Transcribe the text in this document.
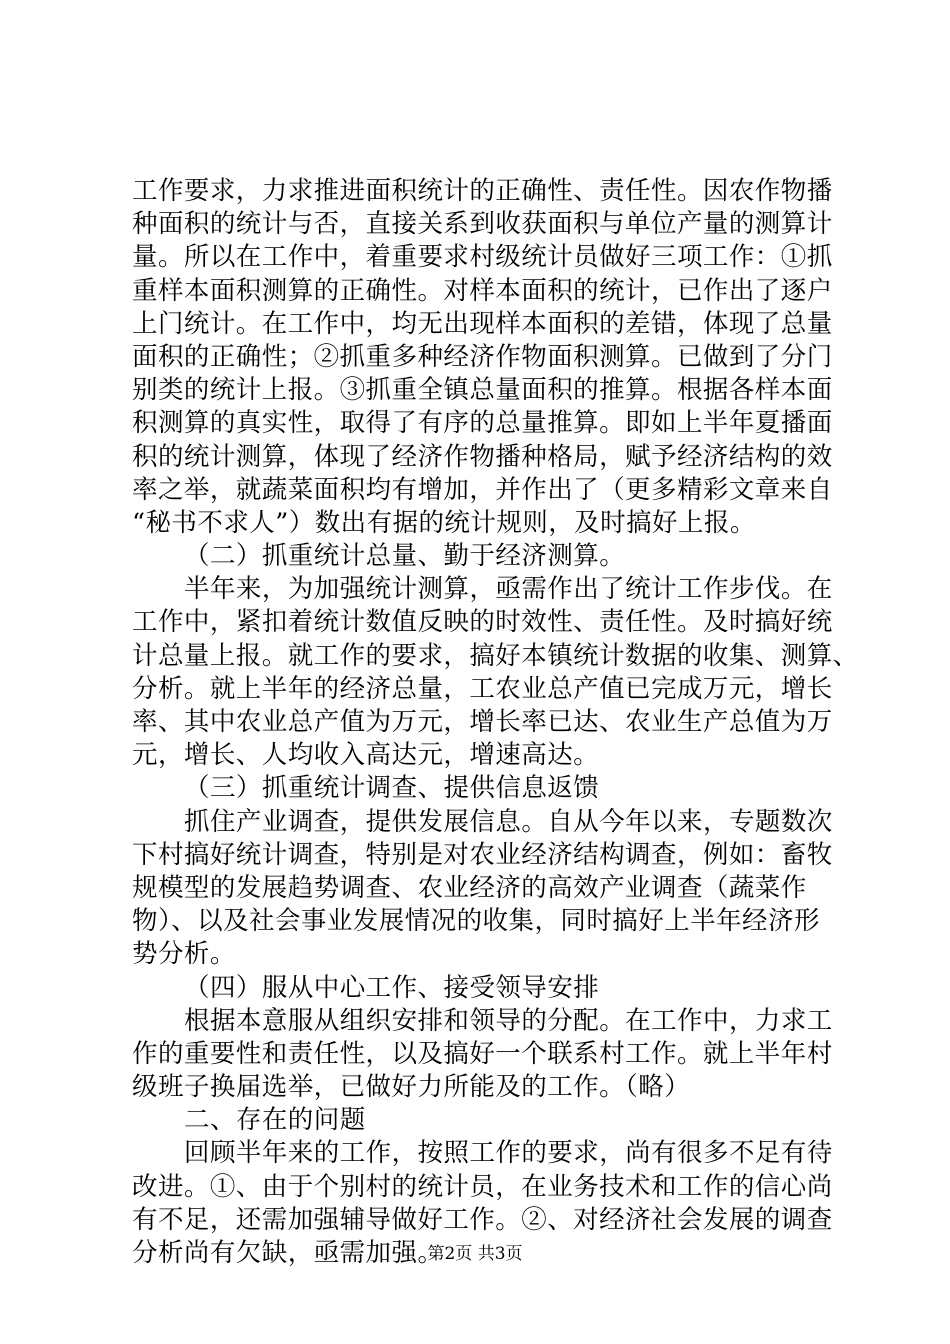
工作要求，力求推进面积统计的正确性、责任性。因农作物播
种面积的统计与否，直接关系到收获面积与单位产量的测算计
量。所以在工作中，着重要求村级统计员做好三项工作：①抓
重样本面积测算的正确性。对样本面积的统计，已作出了逐户
上门统计。在工作中，均无出现样本面积的差错，体现了总量
面积的正确性；②抓重多种经济作物面积测算。已做到了分门
别类的统计上报。③抓重全镇总量面积的推算。根据各样本面
积测算的真实性，取得了有序的总量推算。即如上半年夏播面
积的统计测算，体现了经济作物播种格局，赋予经济结构的效
率之举，就蔬菜面积均有增加，并作出了（更多精彩文章来自
“秘书不求人”）数出有据的统计规则，及时搞好上报。
（二）抓重统计总量、勤于经济测算。
半年来，为加强统计测算，亟需作出了统计工作步伐。在
工作中，紧扣着统计数值反映的时效性、责任性。及时搞好统
计总量上报。就工作的要求，搞好本镇统计数据的收集、测算、
分析。就上半年的经济总量，工农业总产值已完成万元，增长
率、其中农业总产值为万元，增长率已达、农业生产总值为万
元，增长、人均收入高达元，增速高达。
（三）抓重统计调查、提供信息返馈
抓住产业调查，提供发展信息。自从今年以来，专题数次
下村搞好统计调查，特别是对农业经济结构调查，例如：畜牧
规模型的发展趋势调查、农业经济的高效产业调查（蔬菜作
物）、以及社会事业发展情况的收集，同时搞好上半年经济形
势分析。
（四）服从中心工作、接受领导安排
根据本意服从组织安排和领导的分配。在工作中，力求工
作的重要性和责任性，以及搞好一个联系村工作。就上半年村
级班子换届选举，已做好力所能及的工作。（略）
二、存在的问题
回顾半年来的工作，按照工作的要求，尚有很多不足有待
改进。①、由于个别村的统计员，在业务技术和工作的信心尚
有不足，还需加强辅导做好工作。②、对经济社会发展的调查
分析尚有欠缺，亟需加强。
第2页 共3页
